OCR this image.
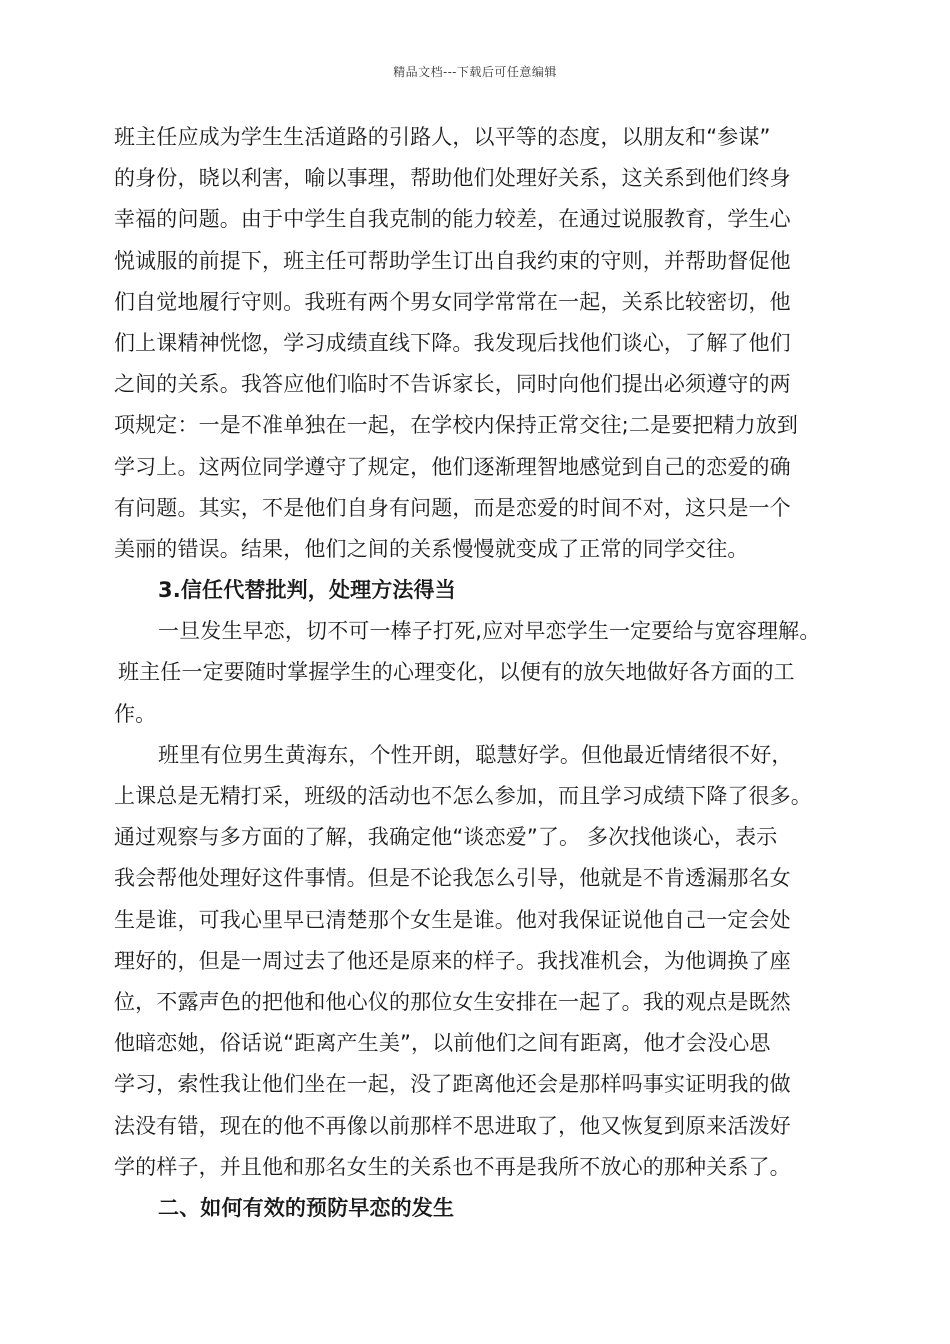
精品文档---下载后可任意编辑
班主任应成为学生生活道路的引路人，以平等的态度，以朋友和“参谋”
的身份，晓以利害，喻以事理，帮助他们处理好关系，这关系到他们终身
幸福的问题。由于中学生自我克制的能力较差，在通过说服教育，学生心
悦诚服的前提下，班主任可帮助学生订出自我约束的守则，并帮助督促他
们自觉地履行守则。我班有两个男女同学常常在一起，关系比较密切，他
们上课精神恍惚，学习成绩直线下降。我发现后找他们谈心，了解了他们
之间的关系。我答应他们临时不告诉家长，同时向他们提出必须遵守的两
项规定：一是不准单独在一起，在学校内保持正常交往;二是要把精力放到
学习上。这两位同学遵守了规定，他们逐渐理智地感觉到自己的恋爱的确
有问题。其实，不是他们自身有问题，而是恋爱的时间不对，这只是一个
美丽的错误。结果，他们之间的关系慢慢就变成了正常的同学交往。
3.信任代替批判，处理方法得当
一旦发生早恋，切不可一棒子打死,应对早恋学生一定要给与宽容理解。
班主任一定要随时掌握学生的心理变化，以便有的放矢地做好各方面的工
作。
班里有位男生黄海东，个性开朗，聪慧好学。但他最近情绪很不好，
上课总是无精打采，班级的活动也不怎么参加，而且学习成绩下降了很多。
通过观察与多方面的了解，我确定他“谈恋爱”了。 多次找他谈心，表示
我会帮他处理好这件事情。但是不论我怎么引导，他就是不肯透漏那名女
生是谁，可我心里早已清楚那个女生是谁。他对我保证说他自己一定会处
理好的，但是一周过去了他还是原来的样子。我找准机会，为他调换了座
位，不露声色的把他和他心仪的那位女生安排在一起了。我的观点是既然
他暗恋她，俗话说“距离产生美”，以前他们之间有距离，他才会没心思
学习，索性我让他们坐在一起，没了距离他还会是那样吗事实证明我的做
法没有错，现在的他不再像以前那样不思进取了，他又恢复到原来活泼好
学的样子，并且他和那名女生的关系也不再是我所不放心的那种关系了。
二、如何有效的预防早恋的发生
